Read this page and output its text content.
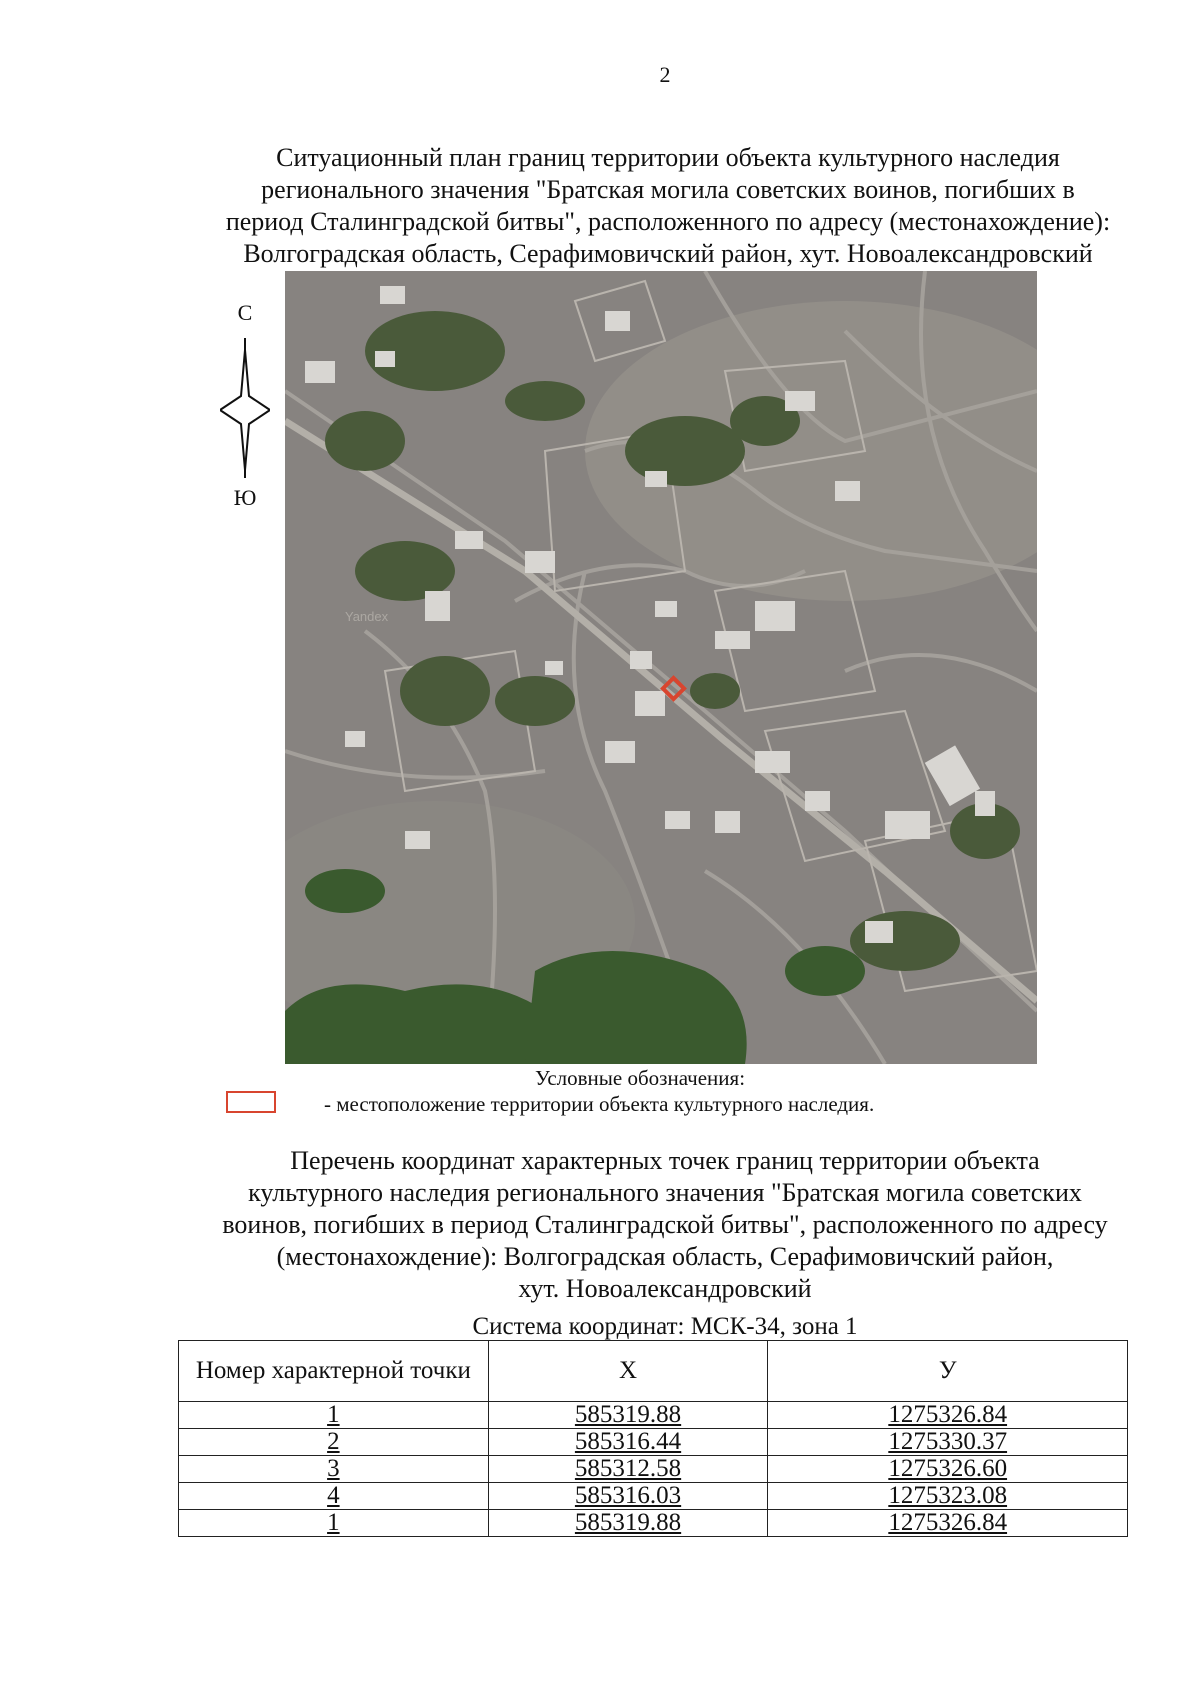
2
Ситуационный план границ территории объекта культурного наследия
регионального значения "Братская могила советских воинов, погибших в
период Сталинградской битвы", расположенного по адресу (местонахождение):
Волгоградская область, Серафимовичский район, хут. Новоалександровский
С
Ю
Yandex
Условные обозначения:
- местоположение территории объекта культурного наследия.
Перечень координат характерных точек границ территории объекта
культурного наследия регионального значения "Братская могила советских
воинов, погибших в период Сталинградской битвы", расположенного по адресу
(местонахождение): Волгоградская область, Серафимовичский район,
хут. Новоалександровский
Система координат: МСК-34, зона 1
Номер характерной точки	X	У
1	585319.88	1275326.84
2	585316.44	1275330.37
3	585312.58	1275326.60
4	585316.03	1275323.08
1	585319.88	1275326.84
